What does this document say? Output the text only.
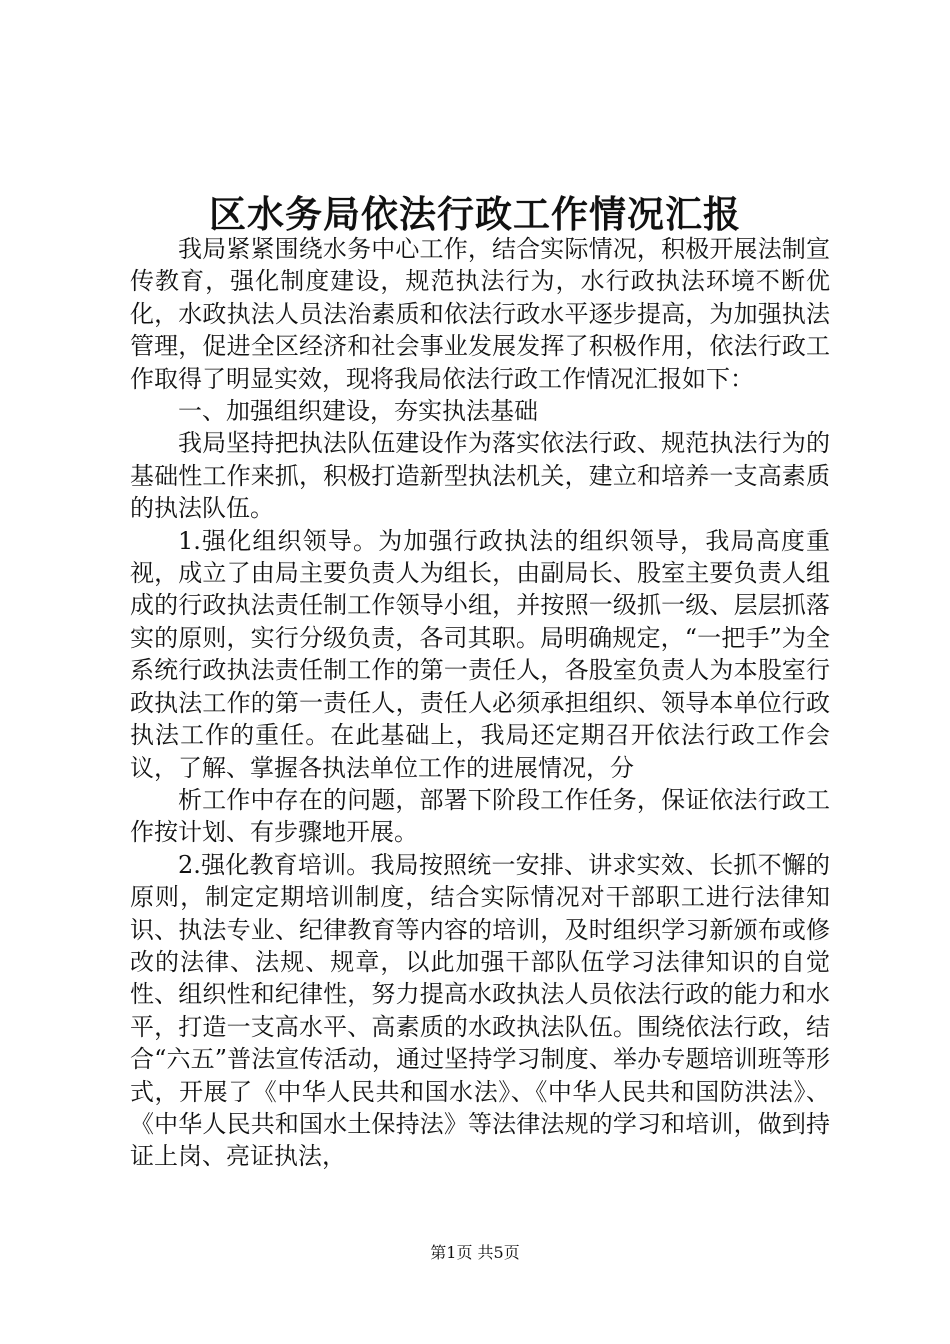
区水务局依法行政工作情况汇报

我局紧紧围绕水务中心工作，结合实际情况，积极开展法制宣传教育，强化制度建设，规范执法行为，水行政执法环境不断优化，水政执法人员法治素质和依法行政水平逐步提高，为加强执法管理，促进全区经济和社会事业发展发挥了积极作用，依法行政工作取得了明显实效，现将我局依法行政工作情况汇报如下：

一、加强组织建设，夯实执法基础

我局坚持把执法队伍建设作为落实依法行政、规范执法行为的基础性工作来抓，积极打造新型执法机关，建立和培养一支高素质的执法队伍。

1.强化组织领导。为加强行政执法的组织领导，我局高度重视，成立了由局主要负责人为组长，由副局长、股室主要负责人组成的行政执法责任制工作领导小组，并按照一级抓一级、层层抓落实的原则，实行分级负责，各司其职。局明确规定，“一把手”为全系统行政执法责任制工作的第一责任人，各股室负责人为本股室行政执法工作的第一责任人，责任人必须承担组织、领导本单位行政执法工作的重任。在此基础上，我局还定期召开依法行政工作会议，了解、掌握各执法单位工作的进展情况，分

析工作中存在的问题，部署下阶段工作任务，保证依法行政工作按计划、有步骤地开展。

2.强化教育培训。我局按照统一安排、讲求实效、长抓不懈的原则，制定定期培训制度，结合实际情况对干部职工进行法律知识、执法专业、纪律教育等内容的培训，及时组织学习新颁布或修改的法律、法规、规章，以此加强干部队伍学习法律知识的自觉性、组织性和纪律性，努力提高水政执法人员依法行政的能力和水平，打造一支高水平、高素质的水政执法队伍。围绕依法行政，结合“六五”普法宣传活动，通过坚持学习制度、举办专题培训班等形式，开展了《中华人民共和国水法》、《中华人民共和国防洪法》、《中华人民共和国水土保持法》等法律法规的学习和培训，做到持证上岗、亮证执法，

第1页 共5页
